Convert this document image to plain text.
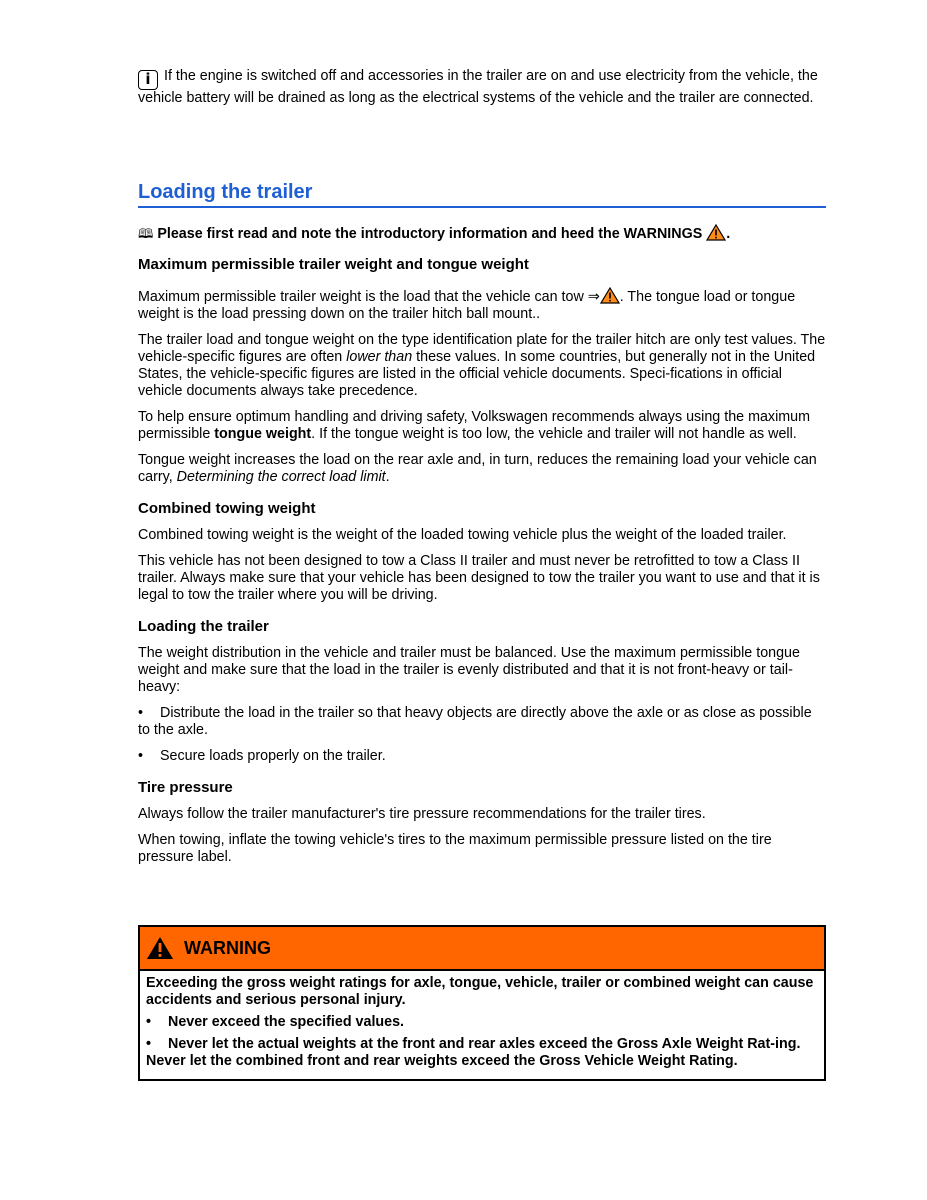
i If the engine is switched off and accessories in the trailer are on and use electricity from the vehicle, the vehicle battery will be drained as long as the electrical systems of the vehicle and the trailer are connected.

Loading the trailer
🕮 Please first read and note the introductory information and heed the WARNINGS .
Maximum permissible trailer weight and tongue weight

Maximum permissible trailer weight is the load that the vehicle can tow ⇒ . The tongue load or tongue weight is the load pressing down on the trailer hitch ball mount..

The trailer load and tongue weight on the type identification plate for the trailer hitch are only test values. The vehicle-specific figures are often lower than these values. In some countries, but generally not in the United States, the vehicle-specific figures are listed in the official vehicle documents. Speci-fications in official vehicle documents always take precedence.

To help ensure optimum handling and driving safety, Volkswagen recommends always using the maximum permissible tongue weight. If the tongue weight is too low, the vehicle and trailer will not handle as well.

Tongue weight increases the load on the rear axle and, in turn, reduces the remaining load your vehicle can carry, Determining the correct load limit.

Combined towing weight

Combined towing weight is the weight of the loaded towing vehicle plus the weight of the loaded trailer.

This vehicle has not been designed to tow a Class II trailer and must never be retrofitted to tow a Class II trailer. Always make sure that your vehicle has been designed to tow the trailer you want to use and that it is legal to tow the trailer where you will be driving.

Loading the trailer

The weight distribution in the vehicle and trailer must be balanced. Use the maximum permissible tongue weight and make sure that the load in the trailer is evenly distributed and that it is not front-heavy or tail-heavy:

• Distribute the load in the trailer so that heavy objects are directly above the axle or as close as possible to the axle.

• Secure loads properly on the trailer.

Tire pressure

Always follow the trailer manufacturer's tire pressure recommendations for the trailer tires.

When towing, inflate the towing vehicle's tires to the maximum permissible pressure listed on the tire pressure label.

WARNING

Exceeding the gross weight ratings for axle, tongue, vehicle, trailer or combined weight can cause accidents and serious personal injury.

• Never exceed the specified values.

• Never let the actual weights at the front and rear axles exceed the Gross Axle Weight Rat-ing. Never let the combined front and rear weights exceed the Gross Vehicle Weight Rating.
